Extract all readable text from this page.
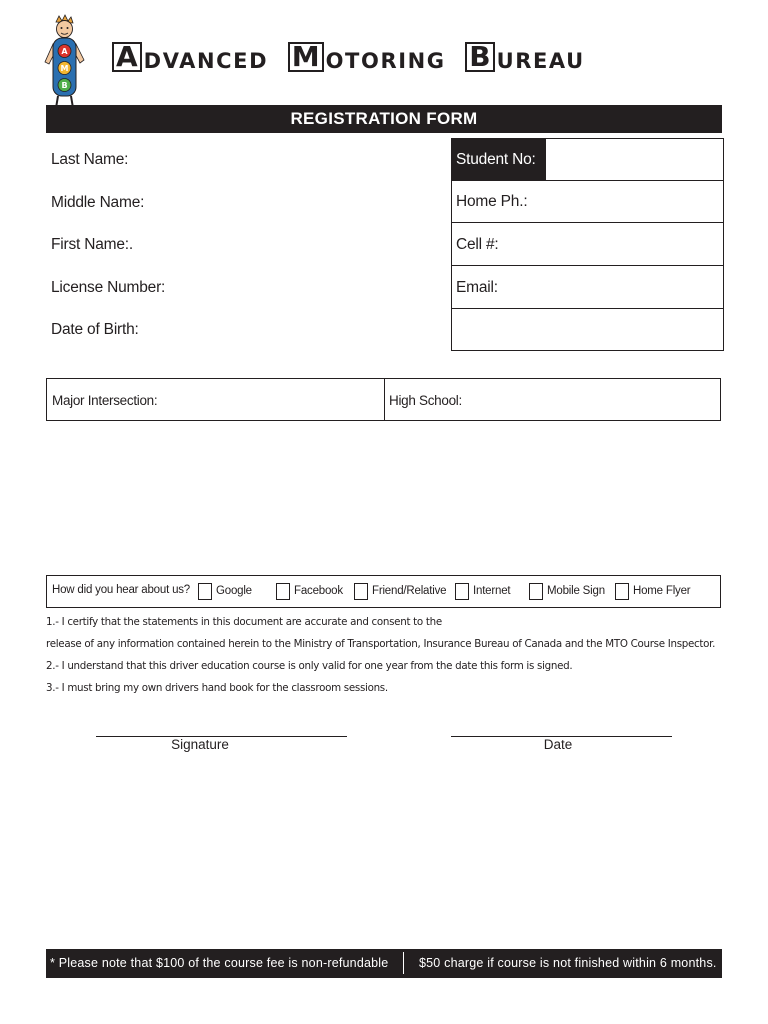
A
M
B
A DVANCED M OTORING B UREAU
REGISTRATION FORM
Last Name:
Middle Name:
First Name:.
License Number:
Date of Birth:
Student No:
Home Ph.:
Cell #:
Email:
Major Intersection:	High School:
How did you hear about us? Google	Facebook	Friend/Relative Internet	Mobile Sign Home Flyer
1.- I certify that the statements in this document are accurate and consent to the
release of any information contained herein to the Ministry of Transportation, Insurance Bureau of Canada and the MTO Course Inspector.
2.- I understand that this driver education course is only valid for one year from the date this form is signed.
3.- I must bring my own drivers hand book for the classroom sessions.
Signature	Date
* Please note that $100 of the course fee is non-refundable $50 charge if course is not finished within 6 months.
